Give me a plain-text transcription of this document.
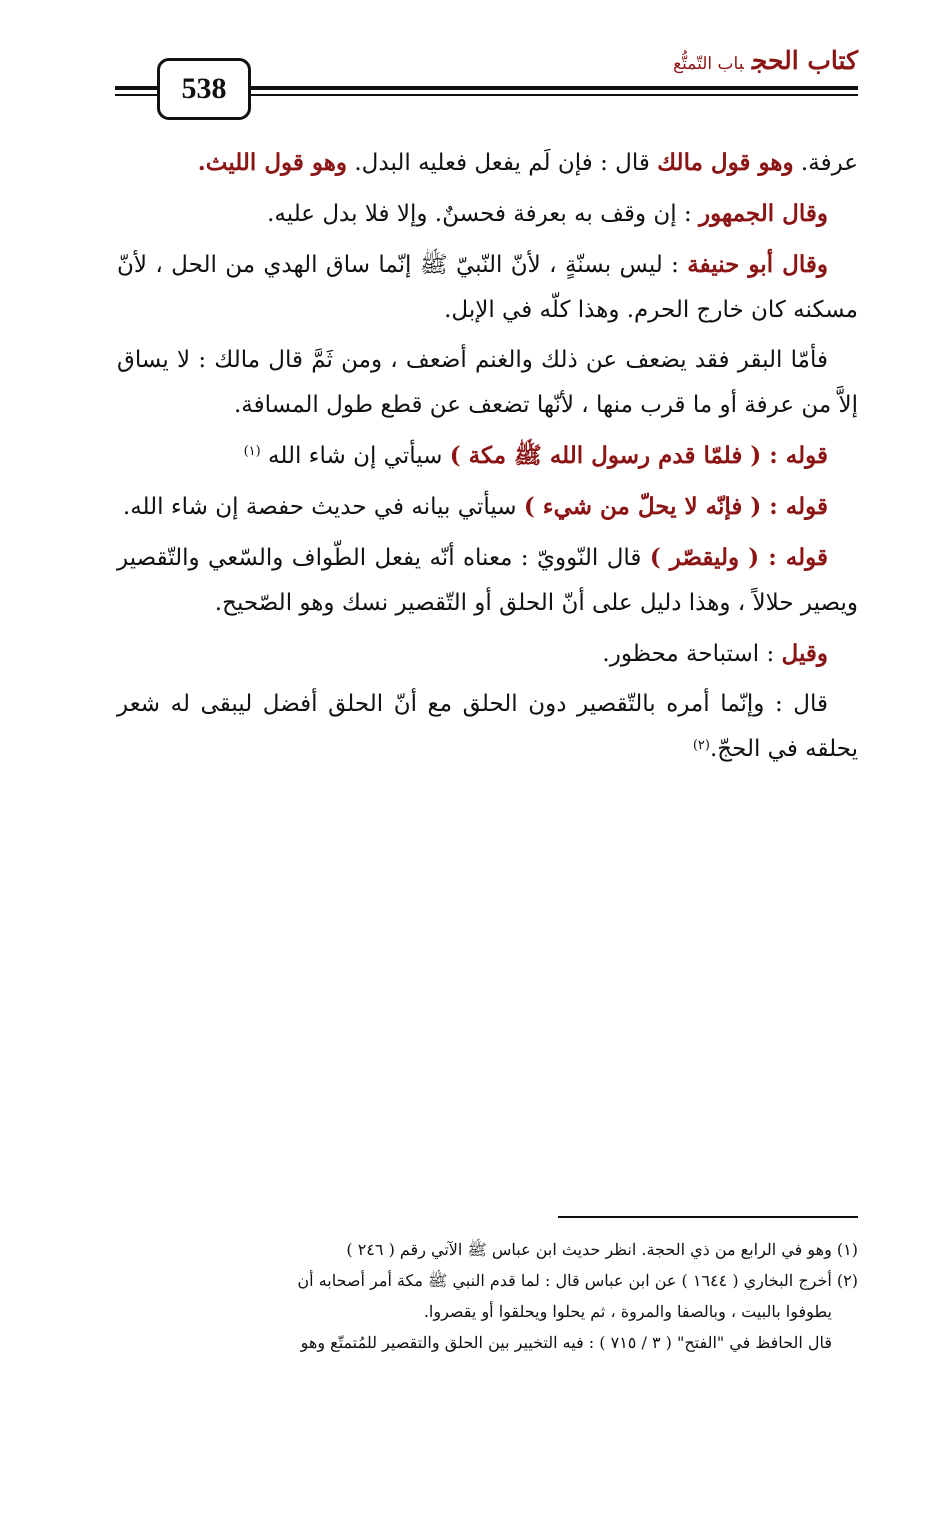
538
كتاب الحجباب التّمتُّع

عرفة. وهو قول مالك قال : فإن لَم يفعل فعليه البدل. وهو قول الليث.

وقال الجمهور : إن وقف به بعرفة فحسنٌ. وإلا فلا بدل عليه.

وقال أبو حنيفة : ليس بسنّةٍ ، لأنّ النّبيّ ﷺ إنّما ساق الهدي من الحل ، لأنّ مسكنه كان خارج الحرم. وهذا كلّه في الإبل.

فأمّا البقر فقد يضعف عن ذلك والغنم أضعف ، ومن ثَمَّ قال مالك : لا يساق إلاَّ من عرفة أو ما قرب منها ، لأنّها تضعف عن قطع طول المسافة.

قوله : ( فلمّا قدم رسول الله ﷺ مكة ) سيأتي إن شاء الله $^{(١)}$

قوله : ( فإنّه لا يحلّ من شيء ) سيأتي بيانه في حديث حفصة إن شاء الله.

قوله : ( وليقصّر ) قال النّوويّ : معناه أنّه يفعل الطّواف والسّعي والتّقصير ويصير حلالاً ، وهذا دليل على أنّ الحلق أو التّقصير نسك وهو الصّحيح.

وقيل : استباحة محظور.

قال : وإنّما أمره بالتّقصير دون الحلق مع أنّ الحلق أفضل ليبقى له شعر يحلقه في الحجّ.$^{(٢)}$

(١) وهو في الرابع من ذي الحجة. انظر حديث ابن عباس ﷺ الآتي رقم ( ٢٤٦ )

(٢) أخرج البخاري ( ١٦٤٤ ) عن ابن عباس قال : لما قدم النبي ﷺ مكة أمر أصحابه أن

يطوفوا بالبيت ، وبالصفا والمروة ، ثم يحلوا ويحلقوا أو يقصروا.

قال الحافظ في "الفتح" ( ٣ / ٧١٥ ) : فيه التخيير بين الحلق والتقصير للمُتمتّع وهو
